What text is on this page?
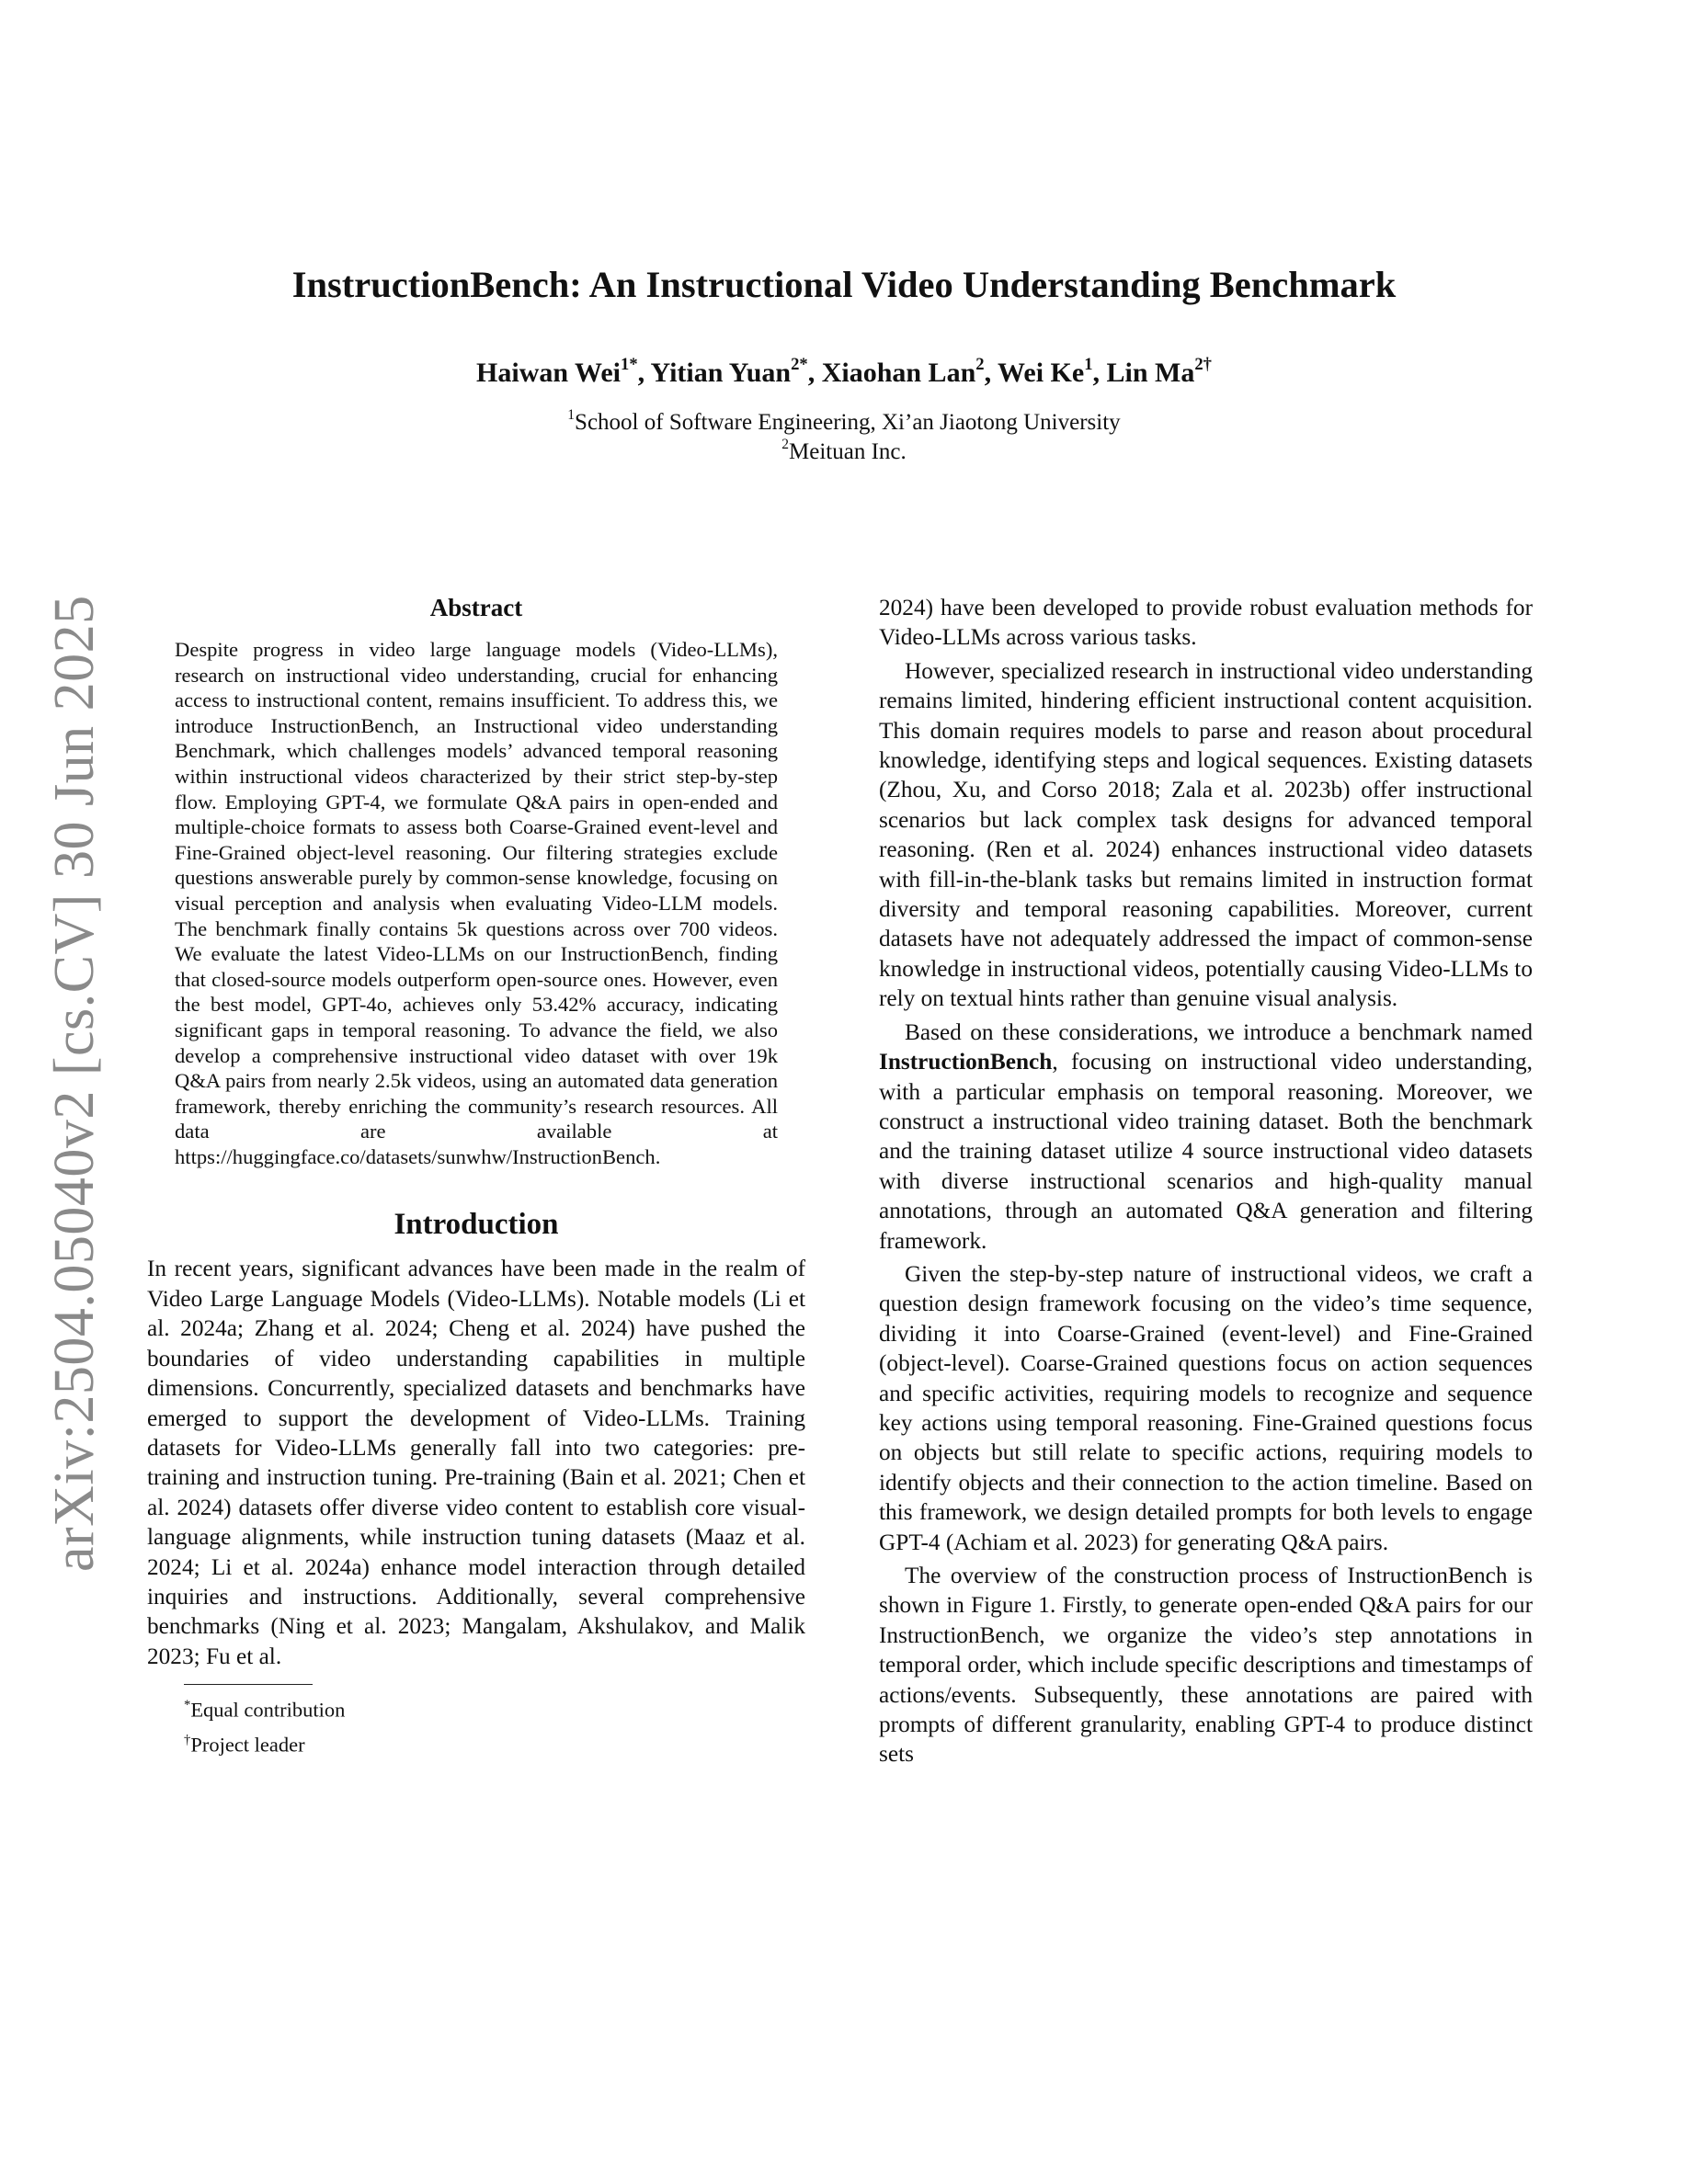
arXiv:2504.05040v2 [cs.CV] 30 Jun 2025
InstructionBench: An Instructional Video Understanding Benchmark
Haiwan Wei$^{1*}$, Yitian Yuan$^{2*}$, Xiaohan Lan$^2$, Wei Ke$^1$, Lin $Ma^{2\dagger}$
$^1$School of Software Engineering, Xi’an Jiaotong University
$^2$Meituan Inc.
Abstract

Despite progress in video large language models (Video-LLMs), research on instructional video understanding, crucial for enhancing access to instructional content, remains insufficient. To address this, we introduce InstructionBench, an Instructional video understanding Benchmark, which challenges models’ advanced temporal reasoning within instructional videos characterized by their strict step-by-step flow. Employing GPT-4, we formulate Q&A pairs in open-ended and multiple-choice formats to assess both Coarse-Grained event-level and Fine-Grained object-level reasoning. Our filtering strategies exclude questions answerable purely by common-sense knowledge, focusing on visual perception and analysis when evaluating Video-LLM models. The benchmark finally contains 5k questions across over 700 videos. We evaluate the latest Video-LLMs on our InstructionBench, finding that closed-source models outperform open-source ones. However, even the best model, GPT-4o, achieves only 53.42% accuracy, indicating significant gaps in temporal reasoning. To advance the field, we also develop a comprehensive instructional video dataset with over 19k Q&A pairs from nearly 2.5k videos, using an automated data generation framework, thereby enriching the community’s research resources. All data are available at https://huggingface.co/datasets/sunwhw/InstructionBench.

Introduction

In recent years, significant advances have been made in the realm of Video Large Language Models (Video-LLMs). Notable models (Li et al. 2024a; Zhang et al. 2024; Cheng et al. 2024) have pushed the boundaries of video understanding capabilities in multiple dimensions. Concurrently, specialized datasets and benchmarks have emerged to support the development of Video-LLMs. Training datasets for Video-LLMs generally fall into two categories: pre-training and instruction tuning. Pre-training (Bain et al. 2021; Chen et al. 2024) datasets offer diverse video content to establish core visual-language alignments, while instruction tuning datasets (Maaz et al. 2024; Li et al. 2024a) enhance model interaction through detailed inquiries and instructions. Additionally, several comprehensive benchmarks (Ning et al. 2023; Mangalam, Akshulakov, and Malik 2023; Fu et al.

*Equal contribution
†Project leader

2024) have been developed to provide robust evaluation methods for Video-LLMs across various tasks.

However, specialized research in instructional video understanding remains limited, hindering efficient instructional content acquisition. This domain requires models to parse and reason about procedural knowledge, identifying steps and logical sequences. Existing datasets (Zhou, Xu, and Corso 2018; Zala et al. 2023b) offer instructional scenarios but lack complex task designs for advanced temporal reasoning. (Ren et al. 2024) enhances instructional video datasets with fill-in-the-blank tasks but remains limited in instruction format diversity and temporal reasoning capabilities. Moreover, current datasets have not adequately addressed the impact of common-sense knowledge in instructional videos, potentially causing Video-LLMs to rely on textual hints rather than genuine visual analysis.

Based on these considerations, we introduce a benchmark named InstructionBench, focusing on instructional video understanding, with a particular emphasis on temporal reasoning. Moreover, we construct a instructional video training dataset. Both the benchmark and the training dataset utilize 4 source instructional video datasets with diverse instructional scenarios and high-quality manual annotations, through an automated Q&A generation and filtering framework.

Given the step-by-step nature of instructional videos, we craft a question design framework focusing on the video’s time sequence, dividing it into Coarse-Grained (event-level) and Fine-Grained (object-level). Coarse-Grained questions focus on action sequences and specific activities, requiring models to recognize and sequence key actions using temporal reasoning. Fine-Grained questions focus on objects but still relate to specific actions, requiring models to identify objects and their connection to the action timeline. Based on this framework, we design detailed prompts for both levels to engage GPT-4 (Achiam et al. 2023) for generating Q&A pairs.

The overview of the construction process of InstructionBench is shown in Figure 1. Firstly, to generate open-ended Q&A pairs for our InstructionBench, we organize the video’s step annotations in temporal order, which include specific descriptions and timestamps of actions/events. Subsequently, these annotations are paired with prompts of different granularity, enabling GPT-4 to produce distinct sets
